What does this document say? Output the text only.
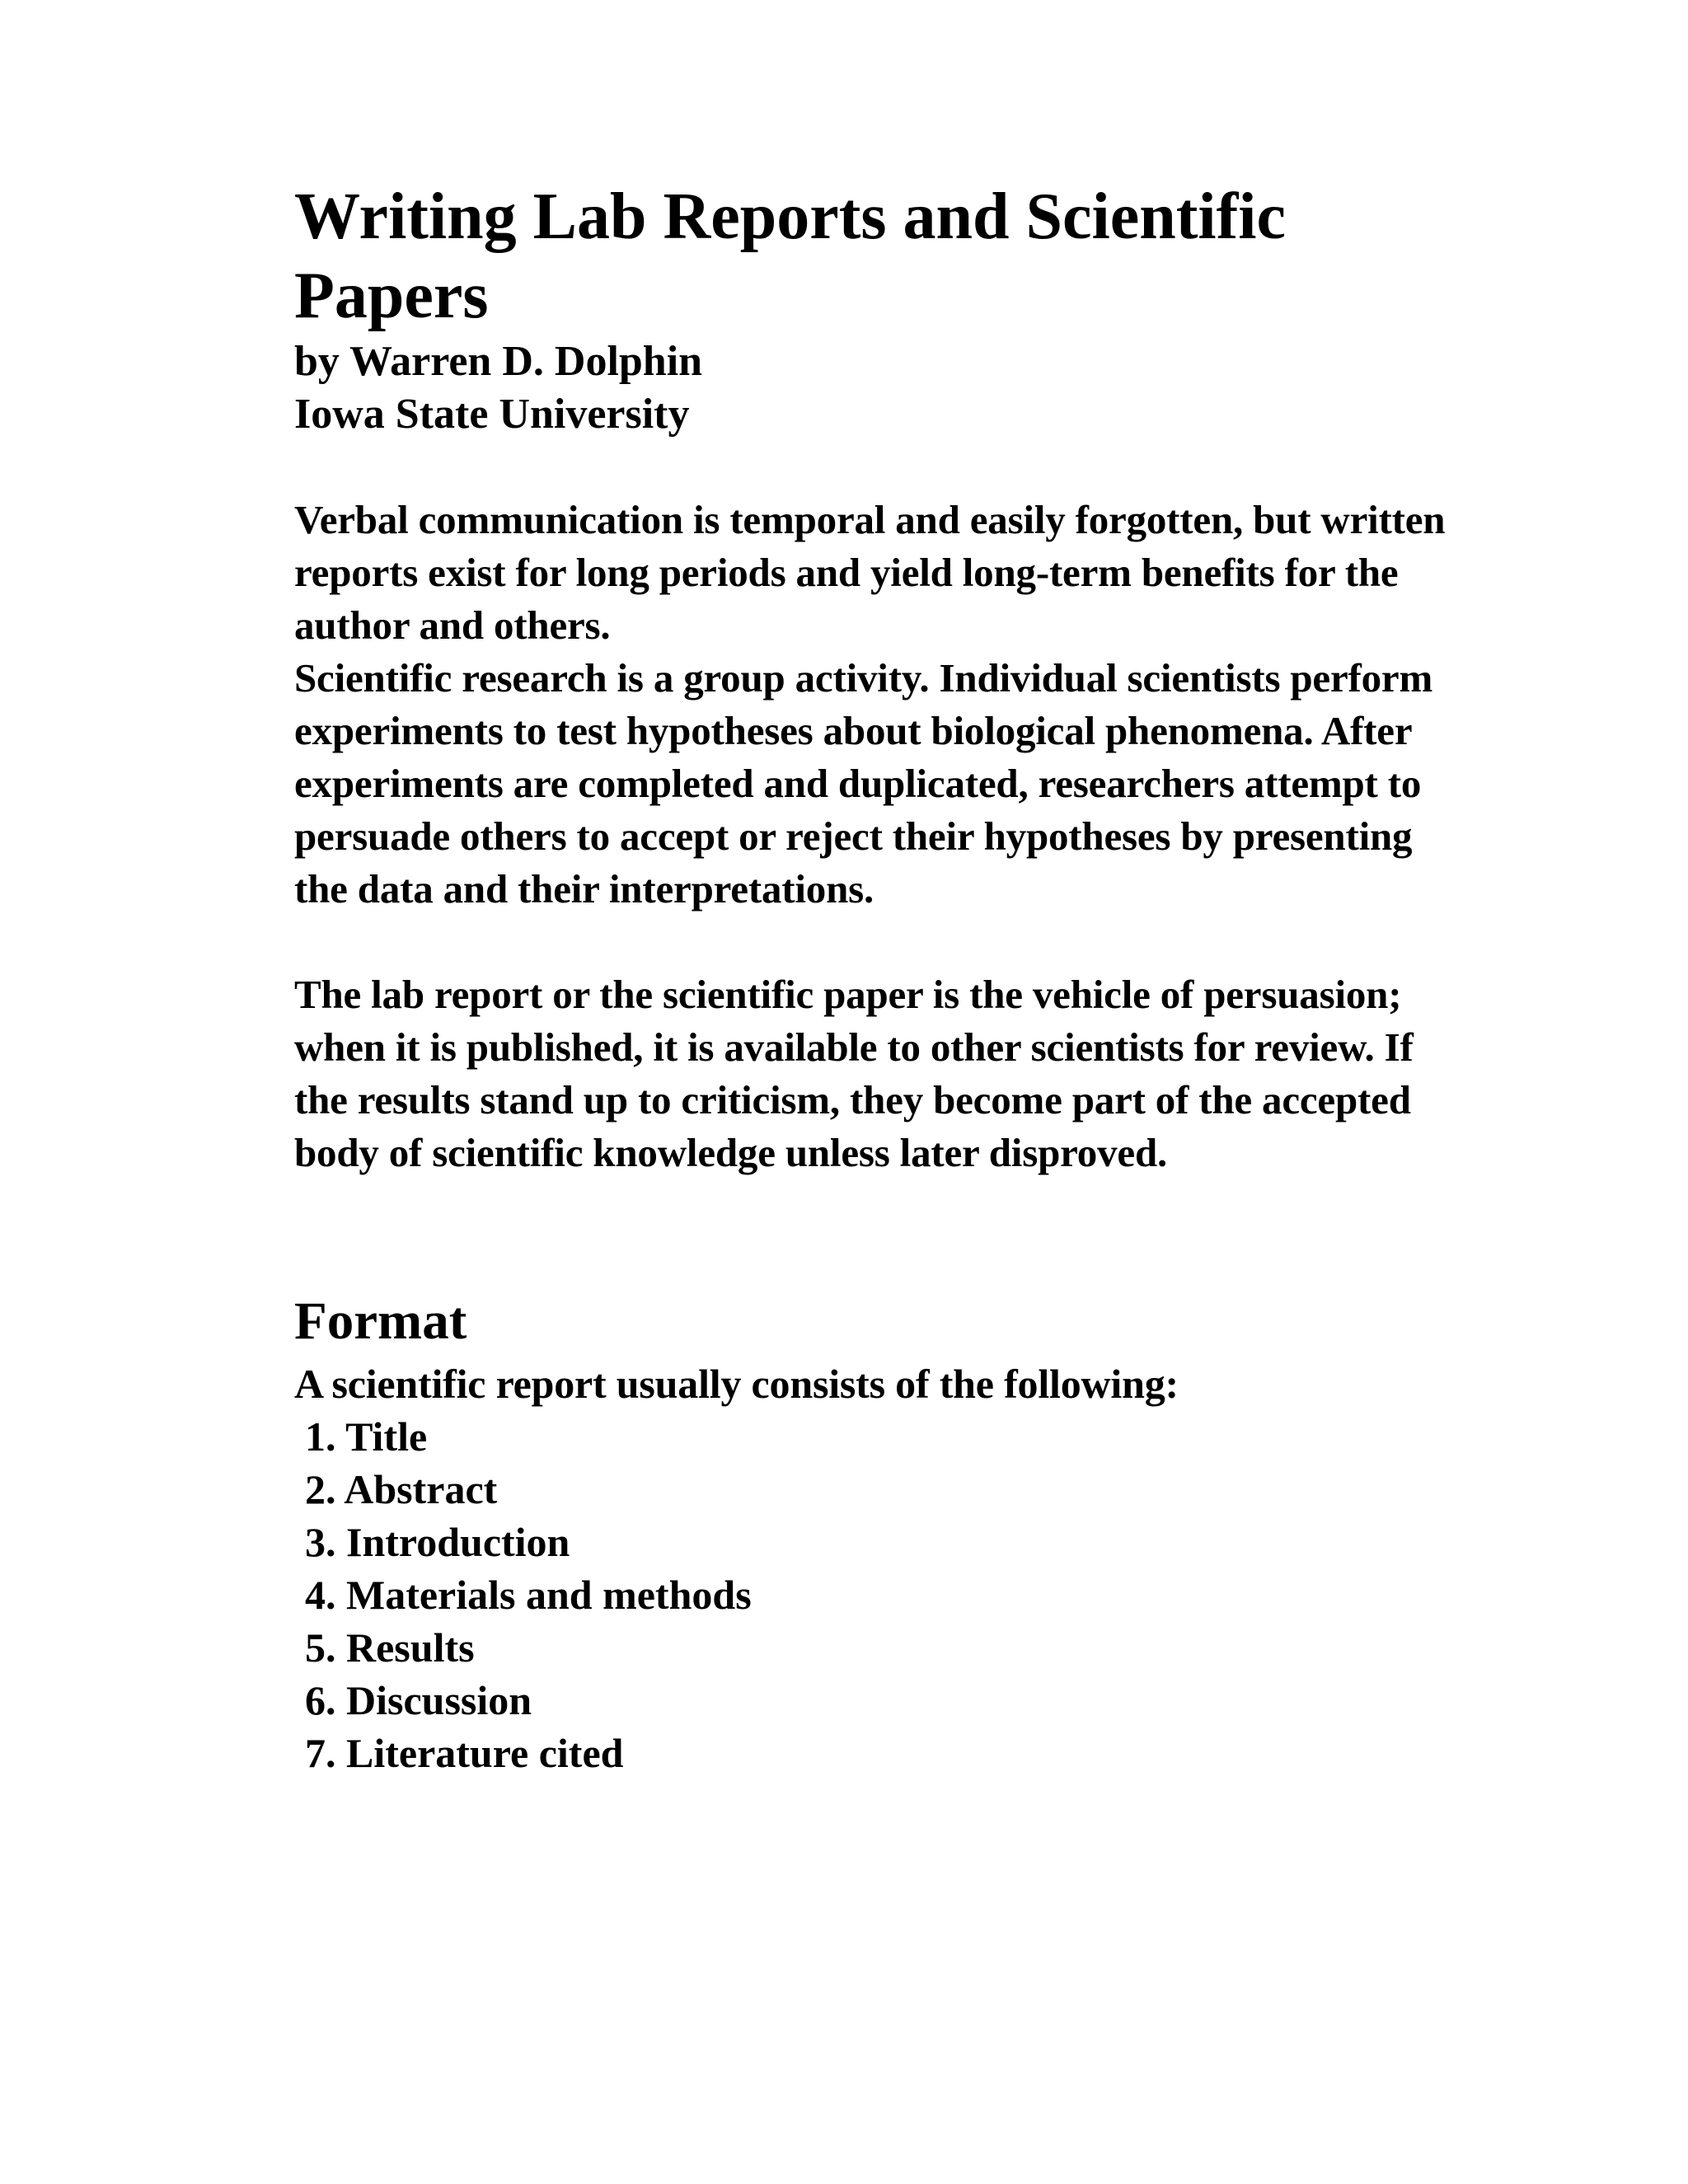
Writing Lab Reports and Scientific Papers

by Warren D. Dolphin

Iowa State University

Verbal communication is temporal and easily forgotten, but written reports exist for long periods and yield long-term benefits for the author and others.

Scientific research is a group activity. Individual scientists perform experiments to test hypotheses about biological phenomena. After experiments are completed and duplicated, researchers attempt to persuade others to accept or reject their hypotheses by presenting the data and their interpretations.

The lab report or the scientific paper is the vehicle of persuasion; when it is published, it is available to other scientists for review. If the results stand up to criticism, they become part of the accepted body of scientific knowledge unless later disproved.

Format

A scientific report usually consists of the following:

1. Title
2. Abstract
3. Introduction
4. Materials and methods
5. Results
6. Discussion
7. Literature cited
